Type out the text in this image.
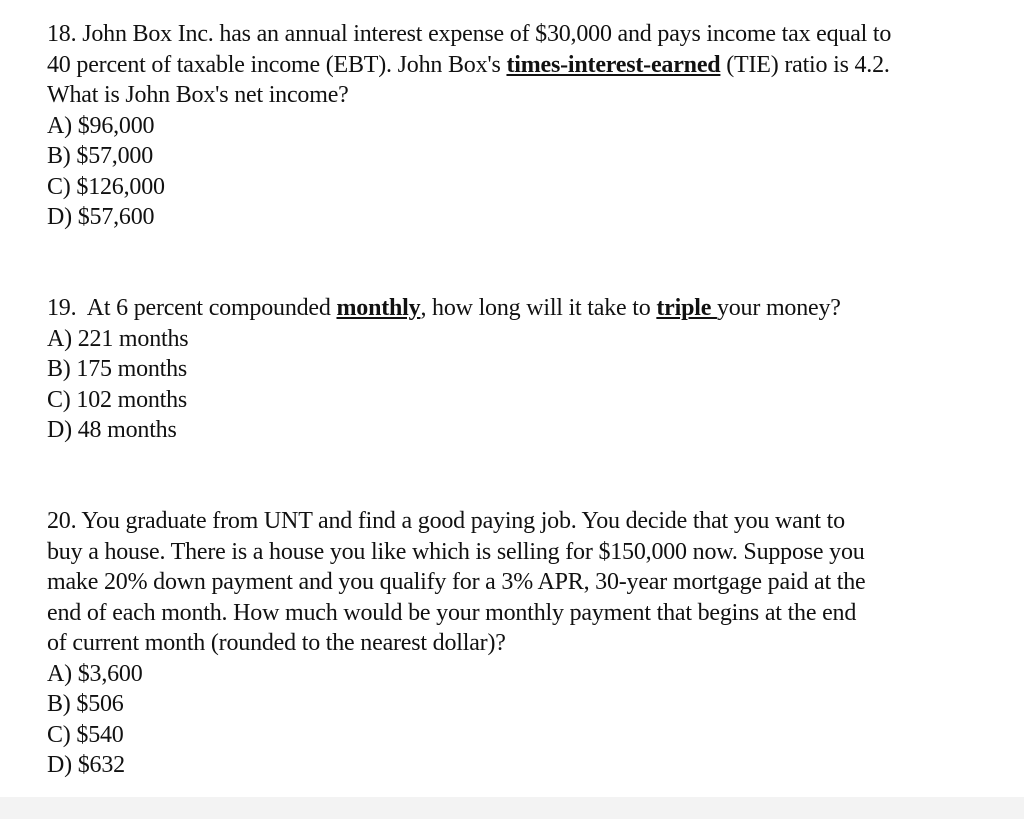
18. John Box Inc. has an annual interest expense of $30,000 and pays income tax equal to
40 percent of taxable income (EBT). John Box's times-interest-earned (TIE) ratio is 4.2.
What is John Box's net income?

A) $96,000
B) $57,000
C) $126,000
D) $57,600

19. At 6 percent compounded monthly, how long will it take to triple your money?

A) 221 months
B) 175 months
C) 102 months
D) 48 months

20. You graduate from UNT and find a good paying job. You decide that you want to
buy a house. There is a house you like which is selling for $150,000 now. Suppose you
make 20% down payment and you qualify for a 3% APR, 30-year mortgage paid at the
end of each month. How much would be your monthly payment that begins at the end
of current month (rounded to the nearest dollar)?

A) $3,600
B) $506
C) $540
D) $632
